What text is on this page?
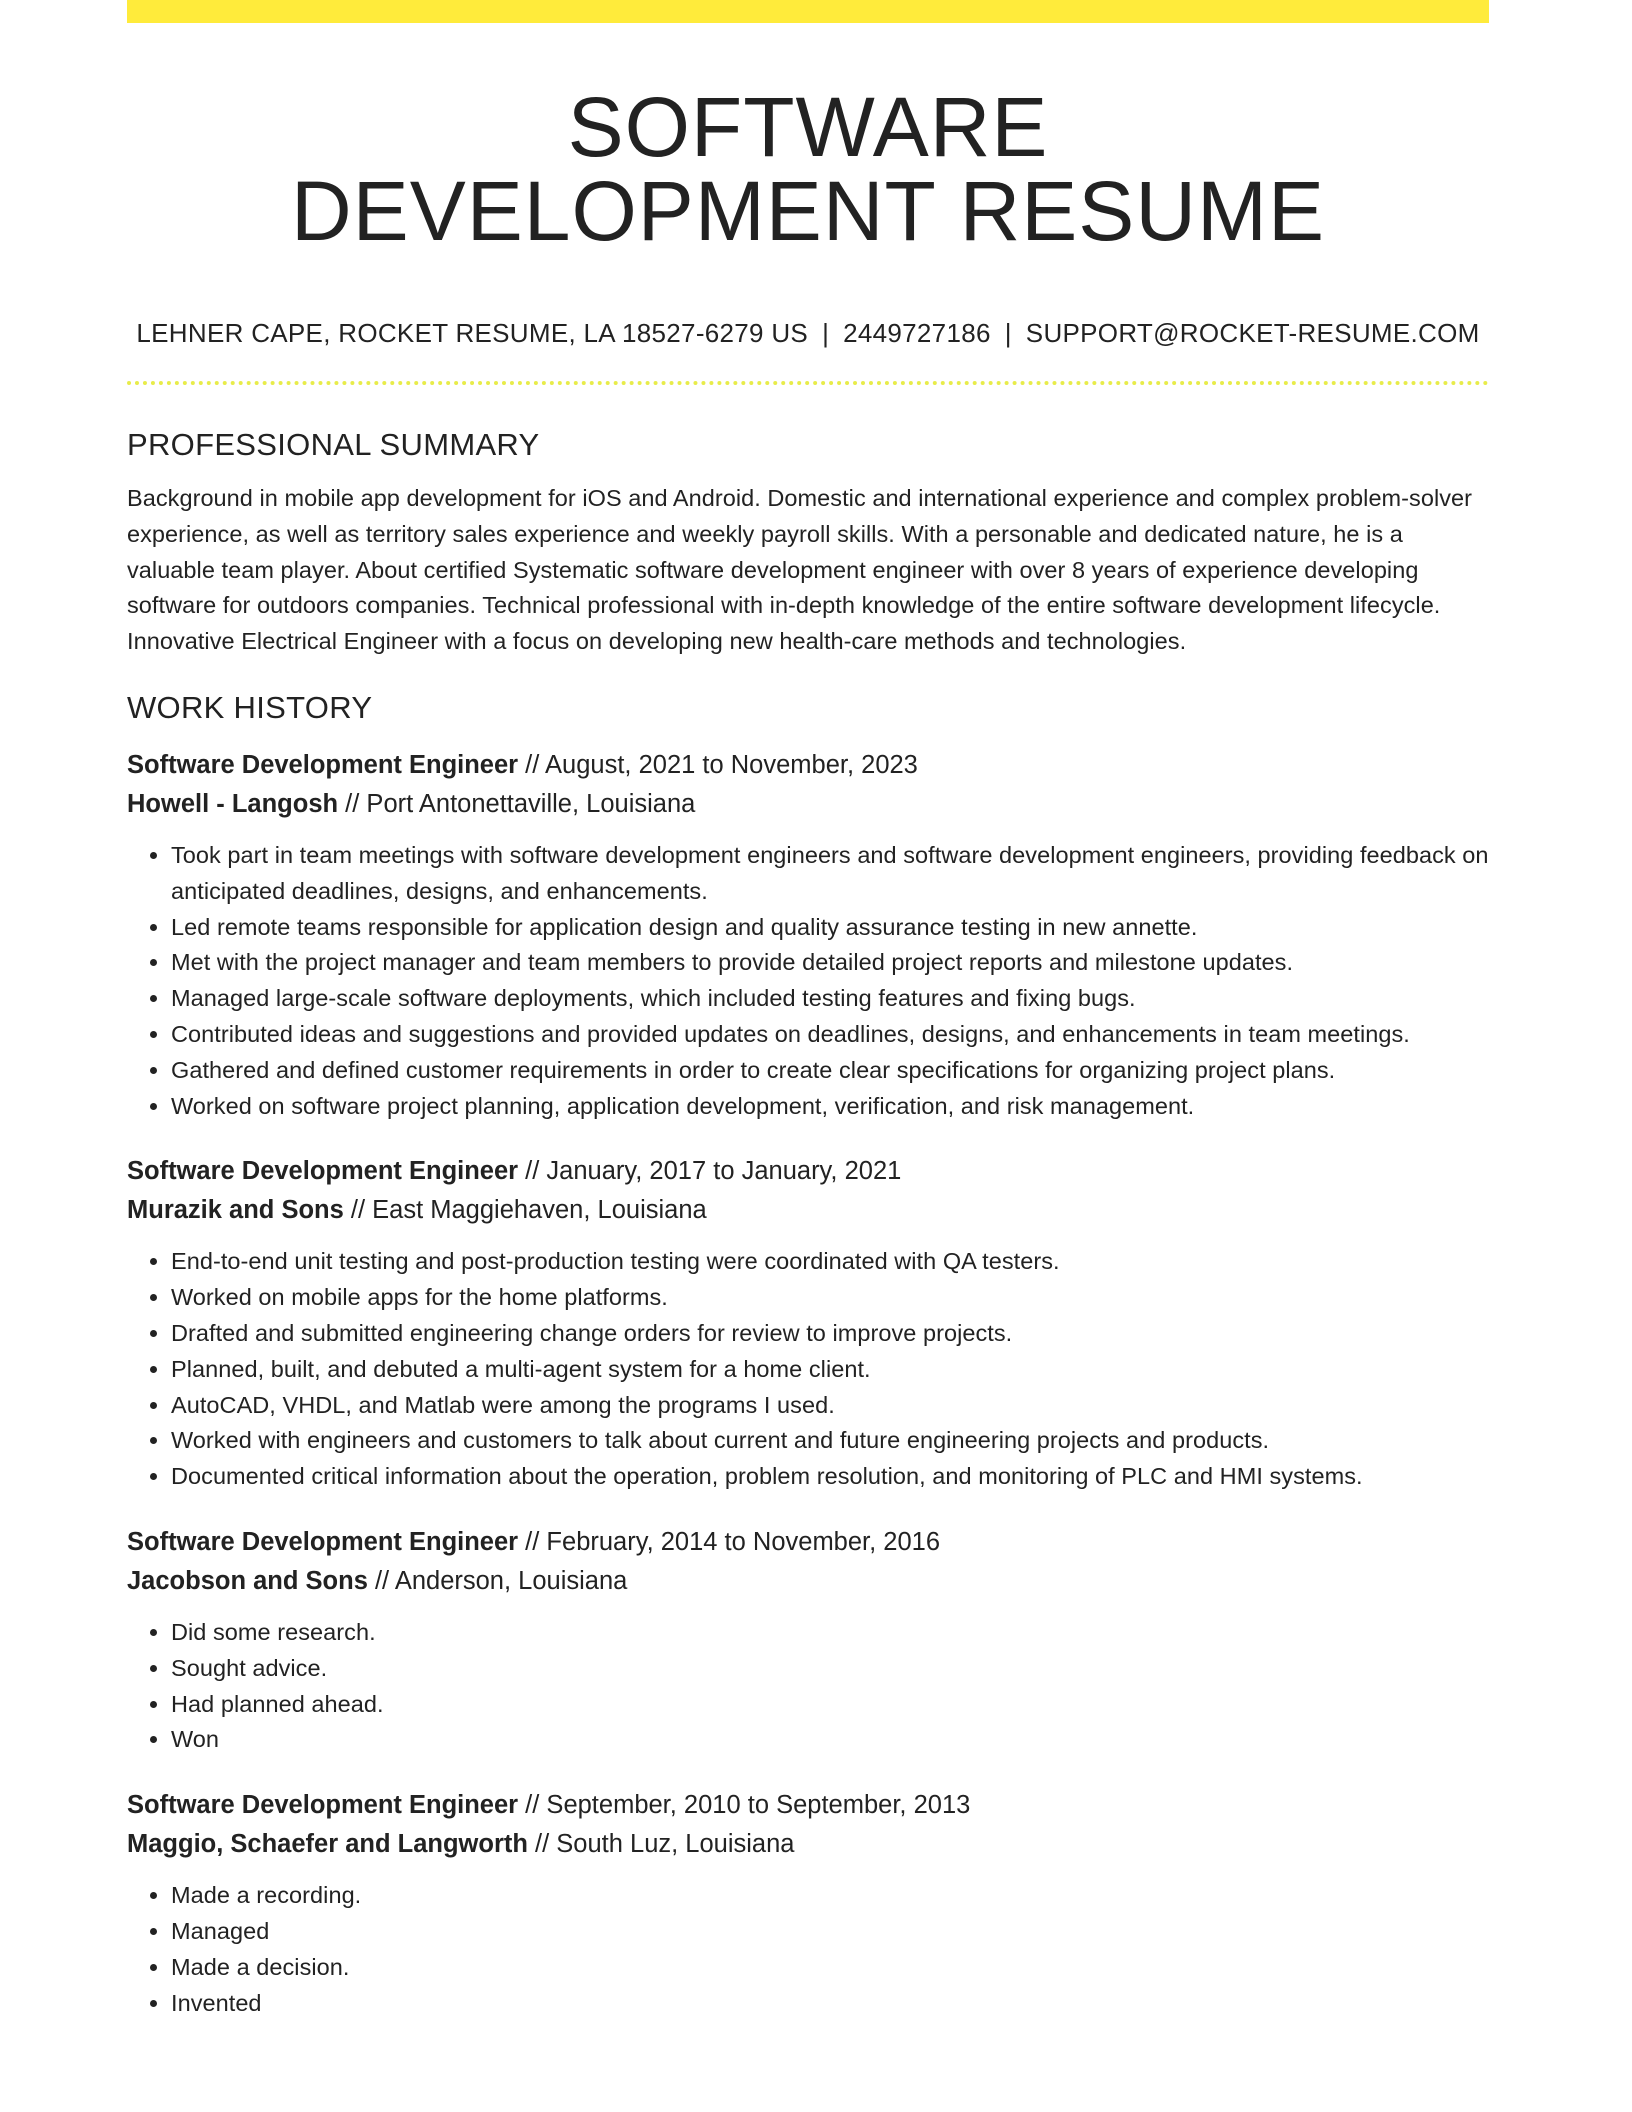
SOFTWARE
DEVELOPMENT RESUME
LEHNER CAPE, ROCKET RESUME, LA 18527-6279 US | 2449727186 | SUPPORT@ROCKET-RESUME.COM
PROFESSIONAL SUMMARY
Background in mobile app development for iOS and Android. Domestic and international experience and complex problem-solver experience, as well as territory sales experience and weekly payroll skills. With a personable and dedicated nature, he is a valuable team player. About certified Systematic software development engineer with over 8 years of experience developing software for outdoors companies. Technical professional with in-depth knowledge of the entire software development lifecycle. Innovative Electrical Engineer with a focus on developing new health-care methods and technologies.
WORK HISTORY
Software Development Engineer // August, 2021 to November, 2023
Howell - Langosh // Port Antonettaville, Louisiana
• Took part in team meetings with software development engineers and software development engineers, providing feedback on anticipated deadlines, designs, and enhancements.
• Led remote teams responsible for application design and quality assurance testing in new annette.
• Met with the project manager and team members to provide detailed project reports and milestone updates.
• Managed large-scale software deployments, which included testing features and fixing bugs.
• Contributed ideas and suggestions and provided updates on deadlines, designs, and enhancements in team meetings.
• Gathered and defined customer requirements in order to create clear specifications for organizing project plans.
• Worked on software project planning, application development, verification, and risk management.
Software Development Engineer // January, 2017 to January, 2021
Murazik and Sons // East Maggiehaven, Louisiana
• End-to-end unit testing and post-production testing were coordinated with QA testers.
• Worked on mobile apps for the home platforms.
• Drafted and submitted engineering change orders for review to improve projects.
• Planned, built, and debuted a multi-agent system for a home client.
• AutoCAD, VHDL, and Matlab were among the programs I used.
• Worked with engineers and customers to talk about current and future engineering projects and products.
• Documented critical information about the operation, problem resolution, and monitoring of PLC and HMI systems.
Software Development Engineer // February, 2014 to November, 2016
Jacobson and Sons // Anderson, Louisiana
• Did some research.
• Sought advice.
• Had planned ahead.
• Won
Software Development Engineer // September, 2010 to September, 2013
Maggio, Schaefer and Langworth // South Luz, Louisiana
• Made a recording.
• Managed
• Made a decision.
• Invented
